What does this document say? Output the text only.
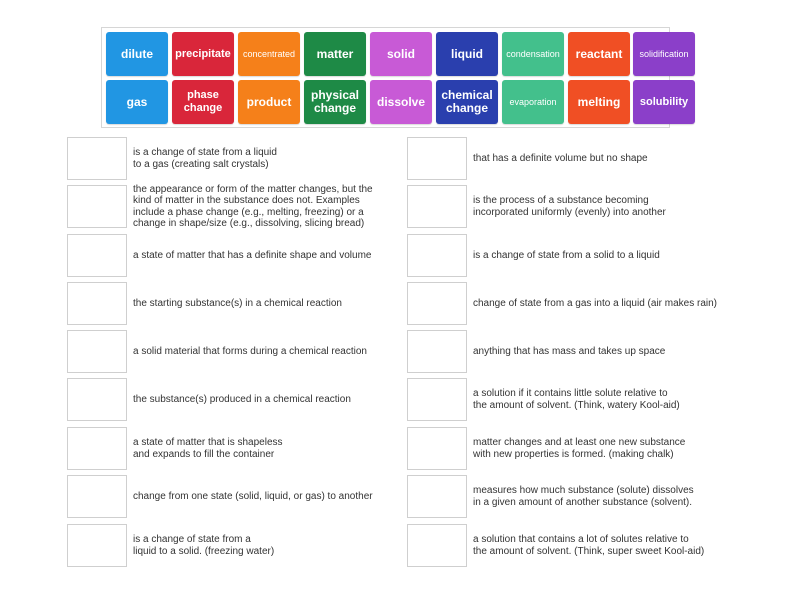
dilute	precipitate	concentrated	matter	solid	liquid	condensation	reactant	solidification
gas	phase change	product	physical change	dissolve	chemical change	evaporation	melting	solubility
is a change of state from a liquid
to a gas (creating salt crystals)
the appearance or form of the matter changes, but the
kind of matter in the substance does not. Examples
include a phase change (e.g., melting, freezing) or a
change in shape/size (e.g., dissolving, slicing bread)
a state of matter that has a definite shape and volume
the starting substance(s) in a chemical reaction
a solid material that forms during a chemical reaction
the substance(s) produced in a chemical reaction
a state of matter that is shapeless
and expands to fill the container
change from one state (solid, liquid, or gas) to another
is a change of state from a
liquid to a solid. (freezing water)
that has a definite volume but no shape
is the process of a substance becoming
incorporated uniformly (evenly) into another
is a change of state from a solid to a liquid
change of state from a gas into a liquid (air makes rain)
anything that has mass and takes up space
a solution if it contains little solute relative to
the amount of solvent. (Think, watery Kool-aid)
matter changes and at least one new substance
with new properties is formed. (making chalk)
measures how much substance (solute) dissolves
in a given amount of another substance (solvent).
a solution that contains a lot of solutes relative to
the amount of solvent. (Think, super sweet Kool-aid)
